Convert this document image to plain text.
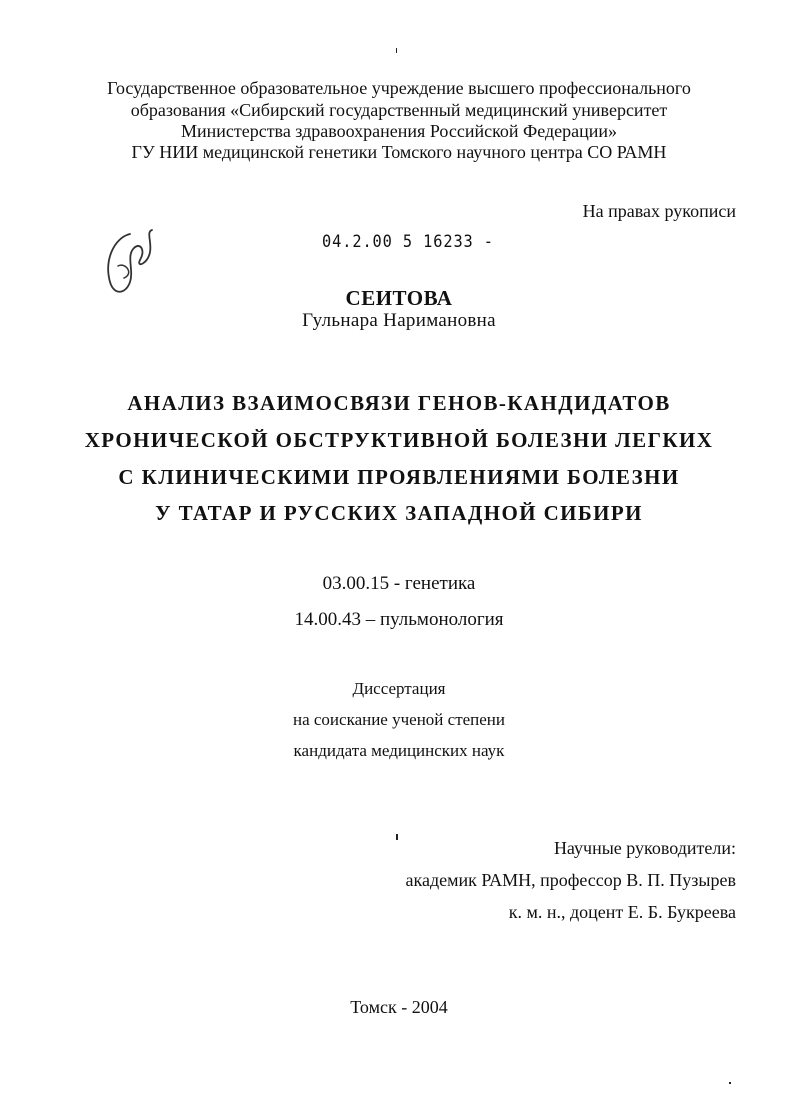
Государственное образовательное учреждение высшего профессионального
образования «Сибирский государственный медицинский университет
Министерства здравоохранения Российской Федерации»
ГУ НИИ медицинской генетики Томского научного центра СО РАМН
На правах рукописи
04.2.00 5 16233 -
СЕИТОВА
Гульнара Наримановна
АНАЛИЗ ВЗАИМОСВЯЗИ ГЕНОВ-КАНДИДАТОВ
ХРОНИЧЕСКОЙ ОБСТРУКТИВНОЙ БОЛЕЗНИ ЛЕГКИХ
С КЛИНИЧЕСКИМИ ПРОЯВЛЕНИЯМИ БОЛЕЗНИ
У ТАТАР И РУССКИХ ЗАПАДНОЙ СИБИРИ
03.00.15 - генетика
14.00.43 – пульмонология
Диссертация
на соискание ученой степени
кандидата медицинских наук
Научные руководители:
академик РАМН, профессор В. П. Пузырев
к. м. н., доцент Е. Б. Букреева
Томск - 2004
